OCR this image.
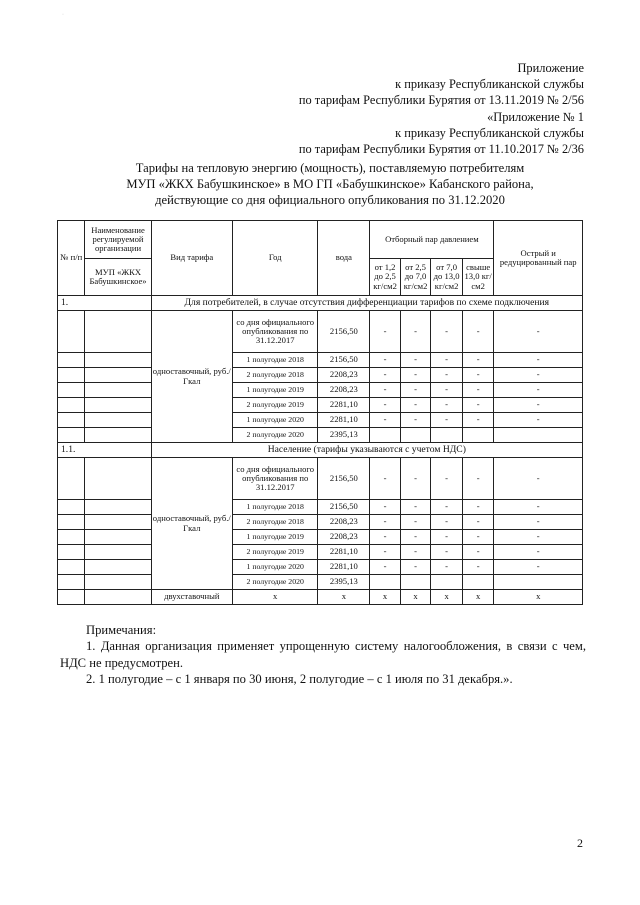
·
Приложение
к приказу Республиканской службы
по тарифам Республики Бурятия от 13.11.2019 № 2/56
«Приложение № 1
к приказу Республиканской службы
по тарифам Республики Бурятия от 11.10.2017 № 2/36
Тарифы на тепловую энергию (мощность), поставляемую потребителям
МУП «ЖКХ Бабушкинское» в МО ГП «Бабушкинское» Кабанского района,
действующие со дня официального опубликования по 31.12.2020
№ п/п	Наименование регулируемой организации	Вид тарифа	Год	вода	Отборный пар давлением				Острый и редуцированный пар
	МУП «ЖКХ Бабушкинское»				от 1,2 до 2,5 кг/см2	от 2,5 до 7,0 кг/см2	от 7,0 до 13,0 кг/см2	свыше 13,0 кг/см2	
1.		Для потребителей, в случае отсутствия дифференциации тарифов по схеме подключения							
		одноставочный, руб./Гкал	со дня официального опубликования по 31.12.2017	2156,50	-	-	-	-	-
			1 полугодие 2018	2156,50	-	-	-	-	-
			2 полугодие 2018	2208,23	-	-	-	-	-
			1 полугодие 2019	2208,23	-	-	-	-	-
			2 полугодие 2019	2281,10	-	-	-	-	-
			1 полугодие 2020	2281,10	-	-	-	-	-
			2 полугодие 2020	2395,13					
1.1.		Население (тарифы указываются с учетом НДС)							
		одноставочный, руб./Гкал	со дня официального опубликования по 31.12.2017	2156,50	-	-	-	-	-
			1 полугодие 2018	2156,50	-	-	-	-	-
			2 полугодие 2018	2208,23	-	-	-	-	-
			1 полугодие 2019	2208,23	-	-	-	-	-
			2 полугодие 2019	2281,10	-	-	-	-	-
			1 полугодие 2020	2281,10	-	-	-	-	-
			2 полугодие 2020	2395,13					
		двухставочный	х	х	х	х	х	х	х

Примечания:

1. Данная организация применяет упрощенную систему налогообложения, в связи с чем, НДС не предусмотрен.

2. 1 полугодие – с 1 января по 30 июня, 2 полугодие – с 1 июля по 31 декабря.».

2
